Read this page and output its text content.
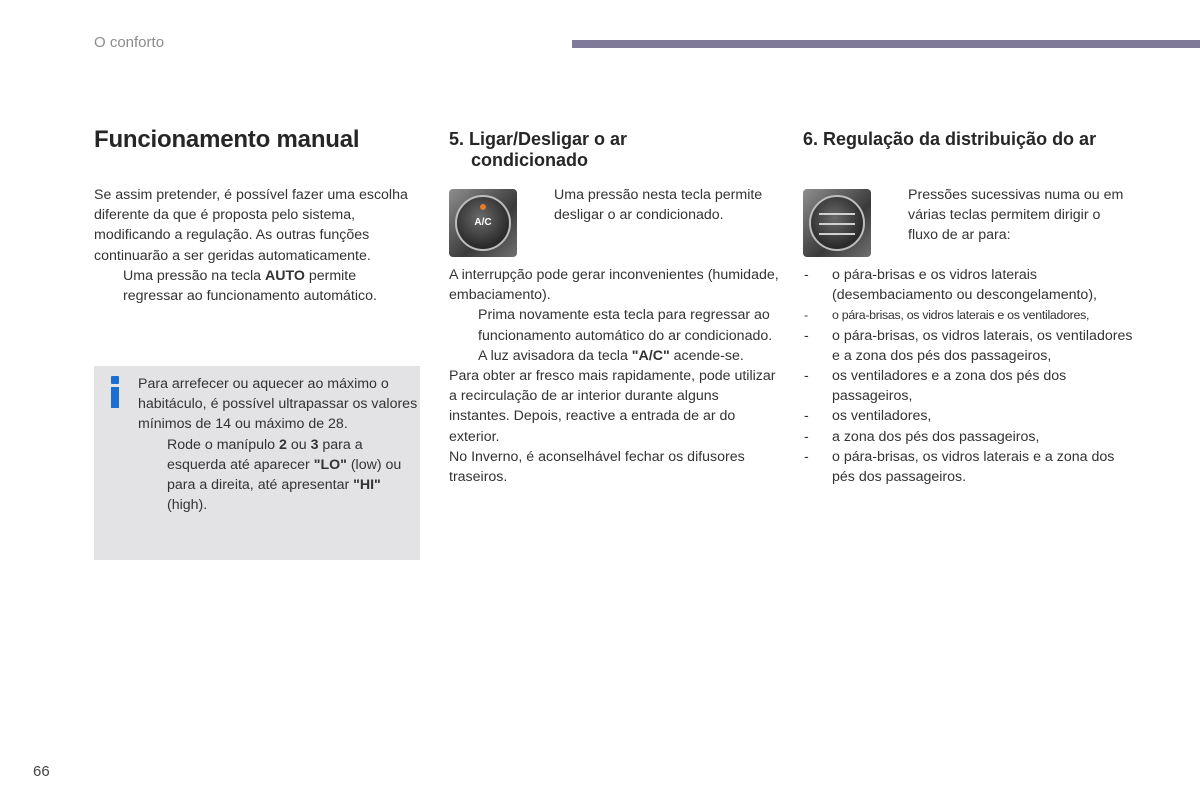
O conforto
Funcionamento manual

Se assim pretender, é possível fazer uma escolha diferente da que é proposta pelo sistema, modificando a regulação. As outras funções continuarão a ser geridas automaticamente.

Uma pressão na tecla AUTO permite regressar ao funcionamento automático.

Para arrefecer ou aquecer ao máximo o habitáculo, é possível ultrapassar os valores mínimos de 14 ou máximo de 28.

Rode o manípulo 2 ou 3 para a esquerda até aparecer "LO" (low) ou para a direita, até apresentar "HI" (high).
5. Ligar/Desligar o ar
condicionado
A/C
Uma pressão nesta tecla permite desligar o ar condicionado.

A interrupção pode gerar inconvenientes (humidade, embaciamento).

Prima novamente esta tecla para regressar ao funcionamento automático do ar condicionado. A luz avisadora da tecla "A/C" acende-se.

Para obter ar fresco mais rapidamente, pode utilizar a recirculação de ar interior durante alguns instantes. Depois, reactive a entrada de ar do exterior.

No Inverno, é aconselhável fechar os difusores traseiros.

6. Regulação da distribuição do ar
Pressões sucessivas numa ou em várias teclas permitem dirigir o fluxo de ar para:
- o pára-brisas e os vidros laterais (desembaciamento ou descongelamento),
- o pára-brisas, os vidros laterais e os ventiladores,
- o pára-brisas, os vidros laterais, os ventiladores e a zona dos pés dos passageiros,
- os ventiladores e a zona dos pés dos passageiros,
- os ventiladores,
- a zona dos pés dos passageiros,
- o pára-brisas, os vidros laterais e a zona dos pés dos passageiros.
66
